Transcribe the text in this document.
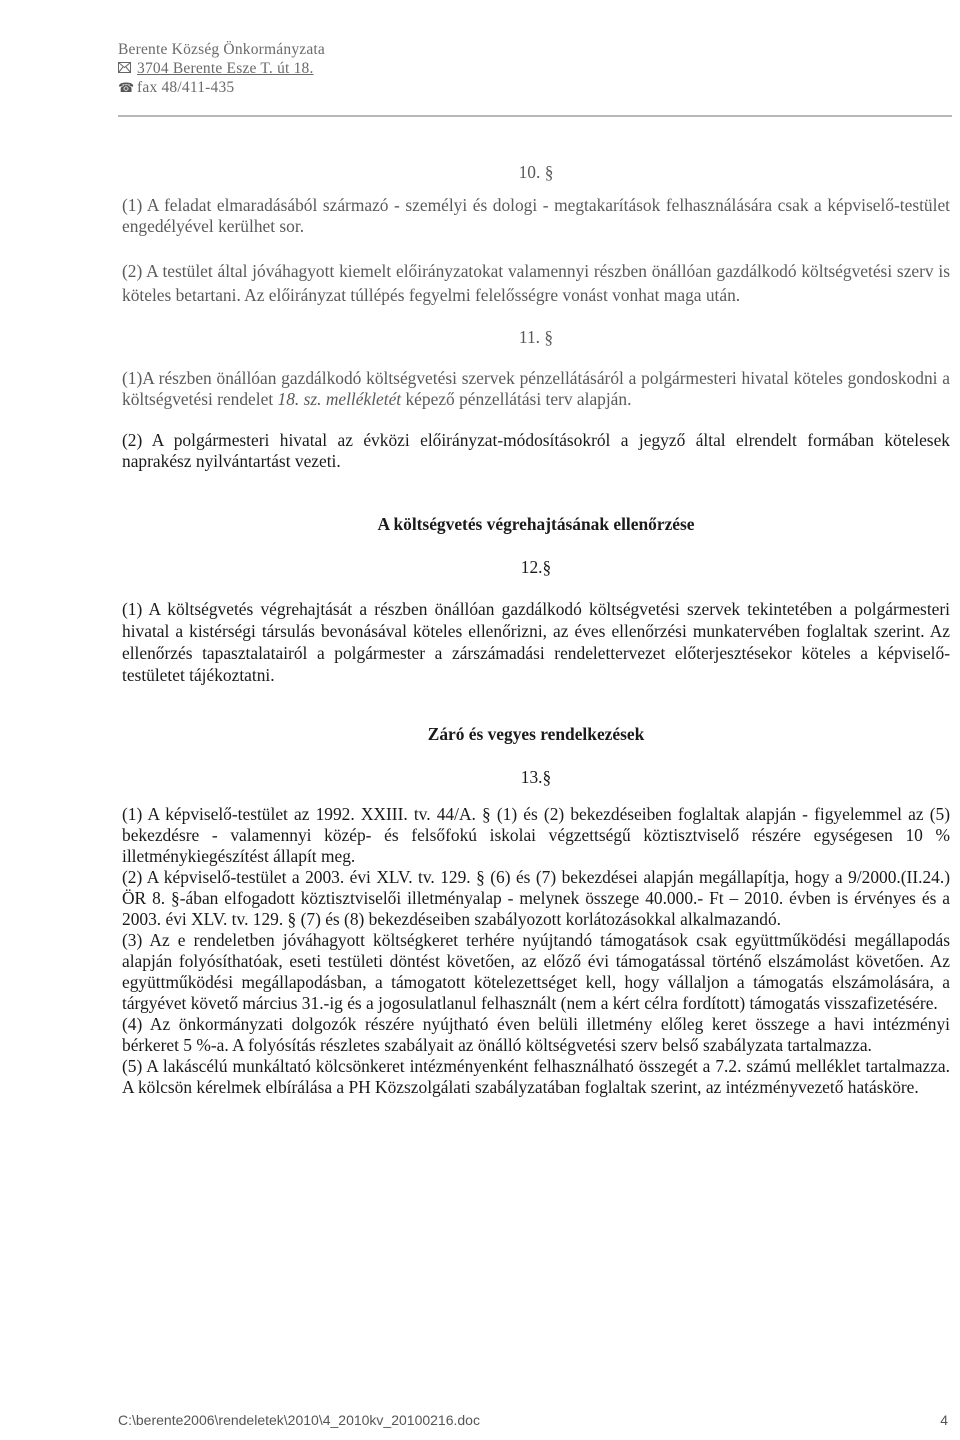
Berente Község Önkormányzata
3704 Berente Esze T. út 18.
☎ fax 48/411-435

10. §

(1) A feladat elmaradásából származó - személyi és dologi - megtakarítások felhasználására csak a képviselő-testület engedélyével kerülhet sor.

(2) A testület által jóváhagyott kiemelt előirányzatokat valamennyi részben önállóan gazdálkodó költségvetési szerv is köteles betartani. Az előirányzat túllépés fegyelmi felelősségre vonást vonhat maga után.

11. §

(1)A részben önállóan gazdálkodó költségvetési szervek pénzellátásáról a polgármesteri hivatal köteles gondoskodni a költségvetési rendelet 18. sz. mellékletét képező pénzellátási terv alapján.

(2) A polgármesteri hivatal az évközi előirányzat-módosításokról a jegyző által elrendelt formában kötelesek naprakész nyilvántartást vezeti.

A költségvetés végrehajtásának ellenőrzése

12.§

(1) A költségvetés végrehajtását a részben önállóan gazdálkodó költségvetési szervek tekintetében a polgármesteri hivatal a kistérségi társulás bevonásával köteles ellenőrizni, az éves ellenőrzési munkatervében foglaltak szerint. Az ellenőrzés tapasztalatairól a polgármester a zárszámadási rendelettervezet előterjesztésekor köteles a képviselő-testületet tájékoztatni.

Záró és vegyes rendelkezések

13.§

(1) A képviselő-testület az 1992. XXIII. tv. 44/A. § (1) és (2) bekezdéseiben foglaltak alapján - figyelemmel az (5) bekezdésre - valamennyi közép- és felsőfokú iskolai végzettségű köztisztviselő részére egységesen 10 % illetménykiegészítést állapít meg.

(2) A képviselő-testület a 2003. évi XLV. tv. 129. § (6) és (7) bekezdései alapján megállapítja, hogy a 9/2000.(II.24.) ÖR 8. §-ában elfogadott köztisztviselői illetményalap - melynek összege 40.000.- Ft – 2010. évben is érvényes és a 2003. évi XLV. tv. 129. § (7) és (8) bekezdéseiben szabályozott korlátozásokkal alkalmazandó.

(3) Az e rendeletben jóváhagyott költségkeret terhére nyújtandó támogatások csak együttműködési megállapodás alapján folyósíthatóak, eseti testületi döntést követően, az előző évi támogatással történő elszámolást követően. Az együttműködési megállapodásban, a támogatott kötelezettséget kell, hogy vállaljon a támogatás elszámolására, a tárgyévet követő március 31.-ig és a jogosulatlanul felhasznált (nem a kért célra fordított) támogatás visszafizetésére.

(4) Az önkormányzati dolgozók részére nyújtható éven belüli illetmény előleg keret összege a havi intézményi bérkeret 5 %-a. A folyósítás részletes szabályait az önálló költségvetési szerv belső szabályzata tartalmazza.

(5) A lakáscélú munkáltató kölcsönkeret intézményenként felhasználható összegét a 7.2. számú melléklet tartalmazza. A kölcsön kérelmek elbírálása a PH Közszolgálati szabályzatában foglaltak szerint, az intézményvezető hatásköre.

C:\berente2006\rendeletek\2010\4_2010kv_20100216.doc	4
